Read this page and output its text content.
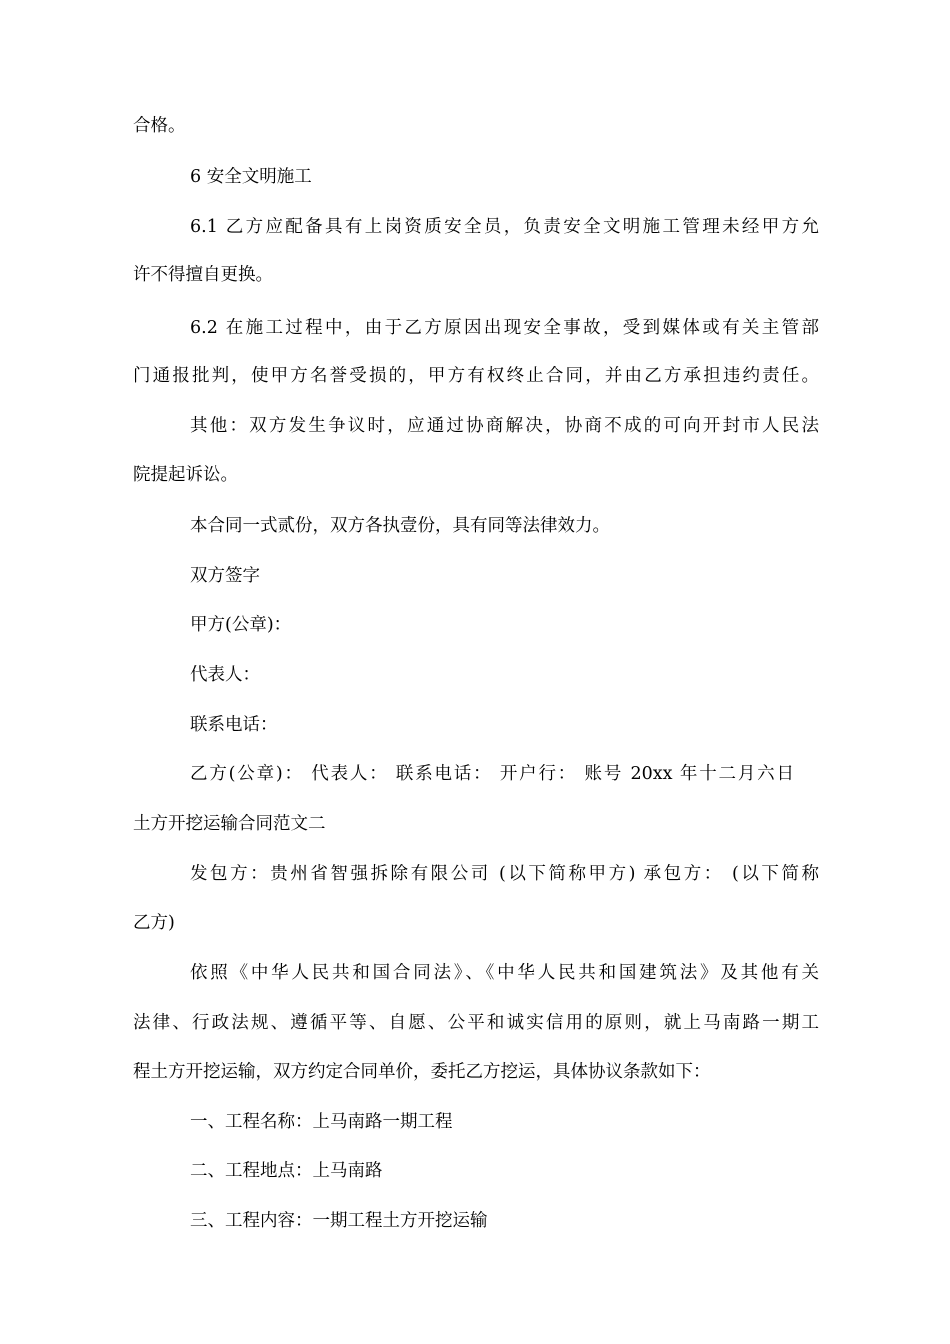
合格。
6 安全文明施工
6.1 乙方应配备具有上岗资质安全员，负责安全文明施工管理未经甲方允
许不得擅自更换。
6.2 在施工过程中，由于乙方原因出现安全事故，受到媒体或有关主管部
门通报批判，使甲方名誉受损的，甲方有权终止合同，并由乙方承担违约责任。
其他：双方发生争议时，应通过协商解决，协商不成的可向开封市人民法
院提起诉讼。
本合同一式贰份，双方各执壹份，具有同等法律效力。
双方签字
甲方(公章)：
代表人：
联系电话：
乙方(公章)： 代表人： 联系电话： 开户行： 账号 20xx 年十二月六日
土方开挖运输合同范文二
发包方：贵州省智强拆除有限公司 (以下简称甲方) 承包方： (以下简称
乙方)
依照《中华人民共和国合同法》、《中华人民共和国建筑法》及其他有关
法律、行政法规、遵循平等、自愿、公平和诚实信用的原则，就上马南路一期工
程土方开挖运输，双方约定合同单价，委托乙方挖运，具体协议条款如下：
一、工程名称：上马南路一期工程
二、工程地点：上马南路
三、工程内容：一期工程土方开挖运输
